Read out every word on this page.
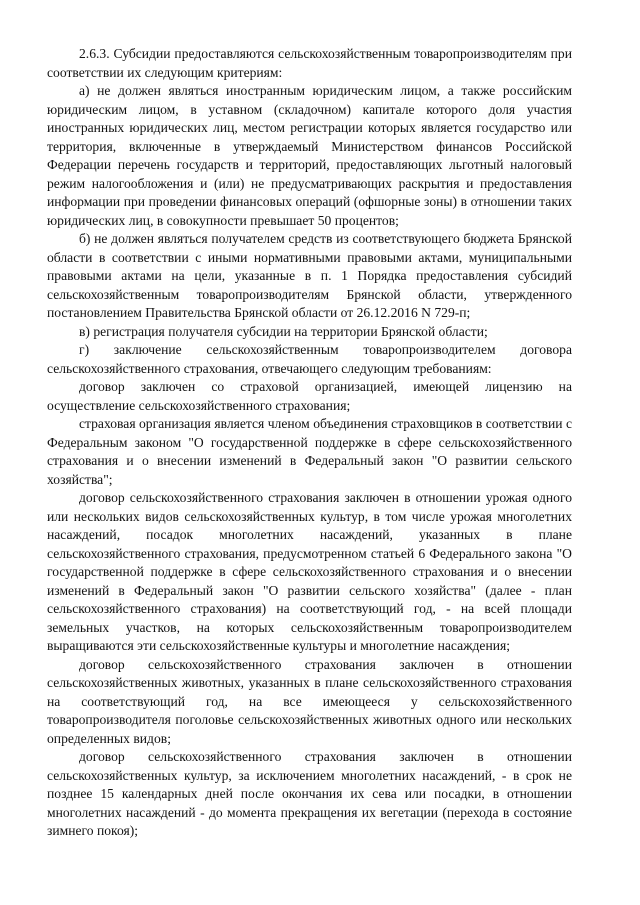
2.6.3. Субсидии предоставляются сельскохозяйственным товаропроизводителям при соответствии их следующим критериям:

а) не должен являться иностранным юридическим лицом, а также российским юридическим лицом, в уставном (складочном) капитале которого доля участия иностранных юридических лиц, местом регистрации которых является государство или территория, включенные в утверждаемый Министерством финансов Российской Федерации перечень государств и территорий, предоставляющих льготный налоговый режим налогообложения и (или) не предусматривающих раскрытия и предоставления информации при проведении финансовых операций (офшорные зоны) в отношении таких юридических лиц, в совокупности превышает 50 процентов;

б) не должен являться получателем средств из соответствующего бюджета Брянской области в соответствии с иными нормативными правовыми актами, муниципальными правовыми актами на цели, указанные в п. 1 Порядка предоставления субсидий сельскохозяйственным товаропроизводителям Брянской области, утвержденного постановлением Правительства Брянской области от 26.12.2016 N 729-п;

в) регистрация получателя субсидии на территории Брянской области;

г) заключение сельскохозяйственным товаропроизводителем договора сельскохозяйственного страхования, отвечающего следующим требованиям:

договор заключен со страховой организацией, имеющей лицензию на осуществление сельскохозяйственного страхования;

страховая организация является членом объединения страховщиков в соответствии с Федеральным законом "О государственной поддержке в сфере сельскохозяйственного страхования и о внесении изменений в Федеральный закон "О развитии сельского хозяйства";

договор сельскохозяйственного страхования заключен в отношении урожая одного или нескольких видов сельскохозяйственных культур, в том числе урожая многолетних насаждений, посадок многолетних насаждений, указанных в плане сельскохозяйственного страхования, предусмотренном статьей 6 Федерального закона "О государственной поддержке в сфере сельскохозяйственного страхования и о внесении изменений в Федеральный закон "О развитии сельского хозяйства" (далее - план сельскохозяйственного страхования) на соответствующий год, - на всей площади земельных участков, на которых сельскохозяйственным товаропроизводителем выращиваются эти сельскохозяйственные культуры и многолетние насаждения;

договор сельскохозяйственного страхования заключен в отношении сельскохозяйственных животных, указанных в плане сельскохозяйственного страхования на соответствующий год, на все имеющееся у сельскохозяйственного товаропроизводителя поголовье сельскохозяйственных животных одного или нескольких определенных видов;

договор сельскохозяйственного страхования заключен в отношении сельскохозяйственных культур, за исключением многолетних насаждений, - в срок не позднее 15 календарных дней после окончания их сева или посадки, в отношении многолетних насаждений - до момента прекращения их вегетации (перехода в состояние зимнего покоя);
